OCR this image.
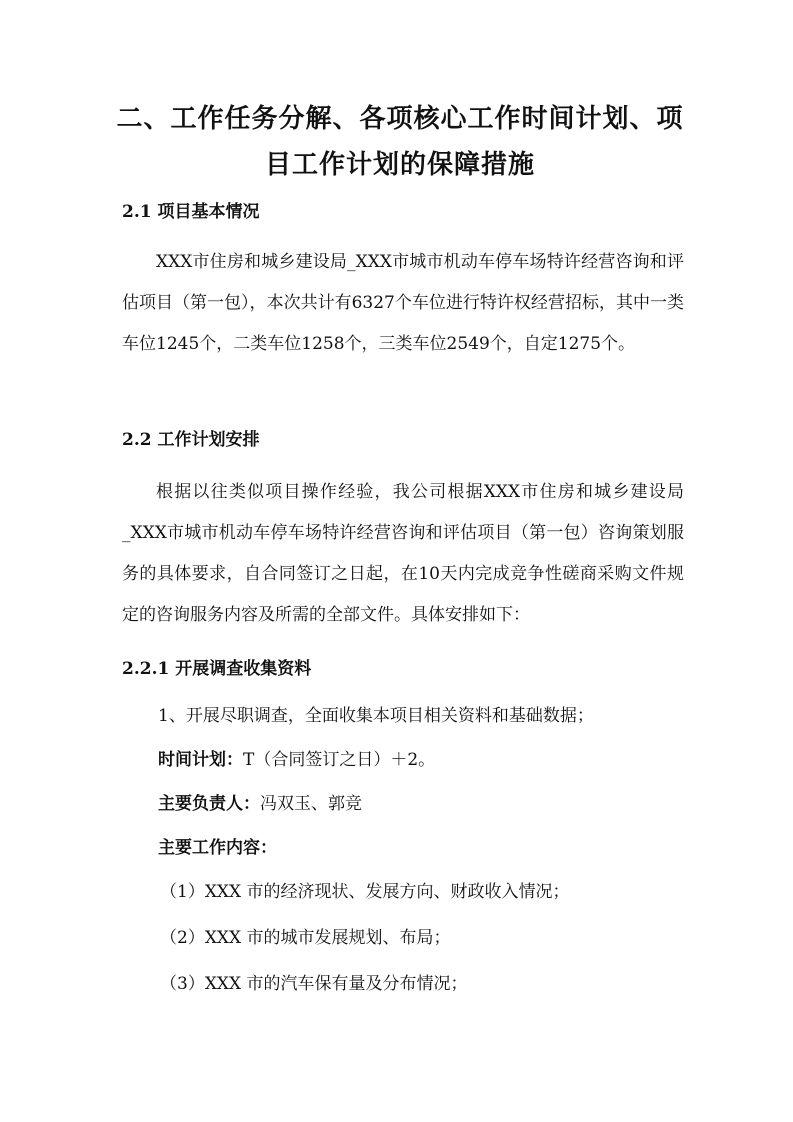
二、工作任务分解、各项核心工作时间计划、项目工作计划的保障措施
2.1 项目基本情况
XXX市住房和城乡建设局_XXX市城市机动车停车场特许经营咨询和评估项目（第一包），本次共计有6327个车位进行特许权经营招标，其中一类车位1245个，二类车位1258个，三类车位2549个，自定1275个。
2.2 工作计划安排
根据以往类似项目操作经验，我公司根据XXX市住房和城乡建设局_XXX市城市机动车停车场特许经营咨询和评估项目（第一包）咨询策划服务的具体要求，自合同签订之日起，在10天内完成竞争性磋商采购文件规定的咨询服务内容及所需的全部文件。具体安排如下：
2.2.1 开展调查收集资料
1、开展尽职调查，全面收集本项目相关资料和基础数据；
时间计划：T（合同签订之日）＋2。
主要负责人：冯双玉、郭竞
主要工作内容：
（1）XXX 市的经济现状、发展方向、财政收入情况；
（2）XXX 市的城市发展规划、布局；
（3）XXX 市的汽车保有量及分布情况；
